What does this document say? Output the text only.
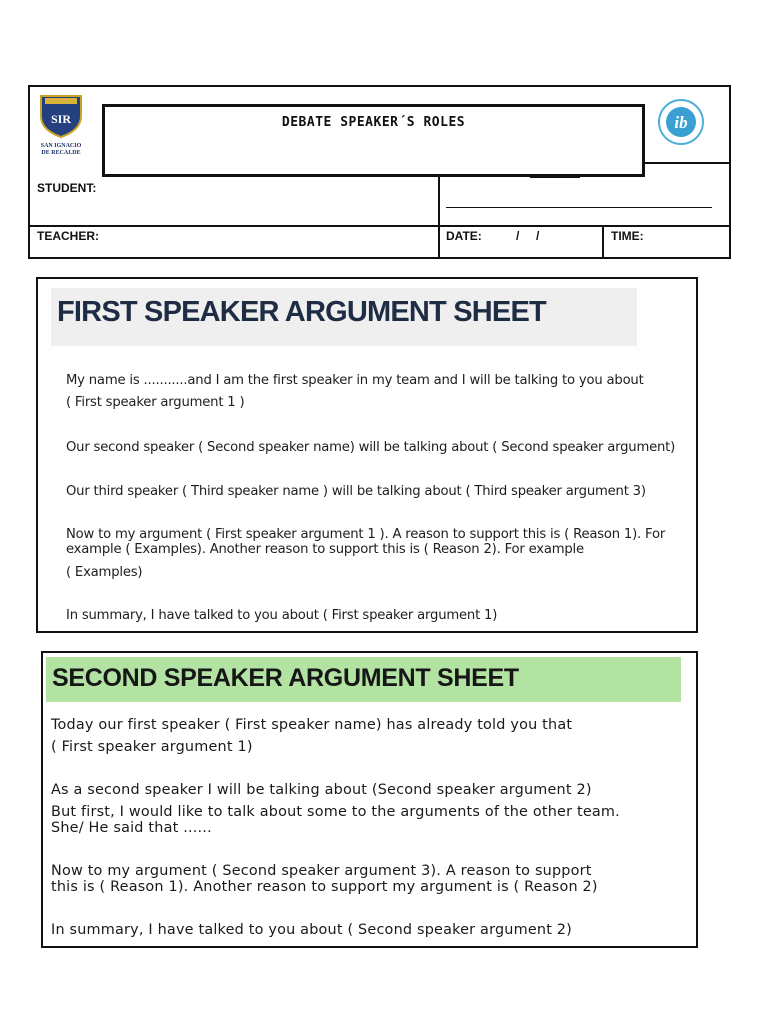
SIR
SAN IGNACIO
DE RECALDE
DEBATE SPEAKER´S ROLES	ib
STUDENT:
TEACHER:	DATE:	/     /	TIME:
FIRST SPEAKER ARGUMENT SHEET
My name is ...........and I am the first speaker in my team and I will be talking to you about
( First speaker argument 1 )
Our second speaker ( Second speaker name) will be talking about ( Second speaker argument)
Our third speaker ( Third speaker name ) will be talking about ( Third speaker argument 3)
Now to my argument ( First speaker argument 1 ). A reason to support this is ( Reason 1). For
example ( Examples). Another reason to support this is ( Reason 2). For example
( Examples)
In summary, I have talked to you about ( First speaker argument 1)
SECOND SPEAKER ARGUMENT SHEET
Today our first speaker ( First speaker name) has already told you that
( First speaker argument 1)
As a second speaker I will be talking about (Second speaker argument 2)
But first, I would like to talk about some to the arguments of the other team.
She/ He said that ......
Now to my argument ( Second speaker argument 3). A reason to support
this is ( Reason 1). Another reason to support my argument is ( Reason 2)
In summary, I have talked to you about ( Second speaker argument 2)
